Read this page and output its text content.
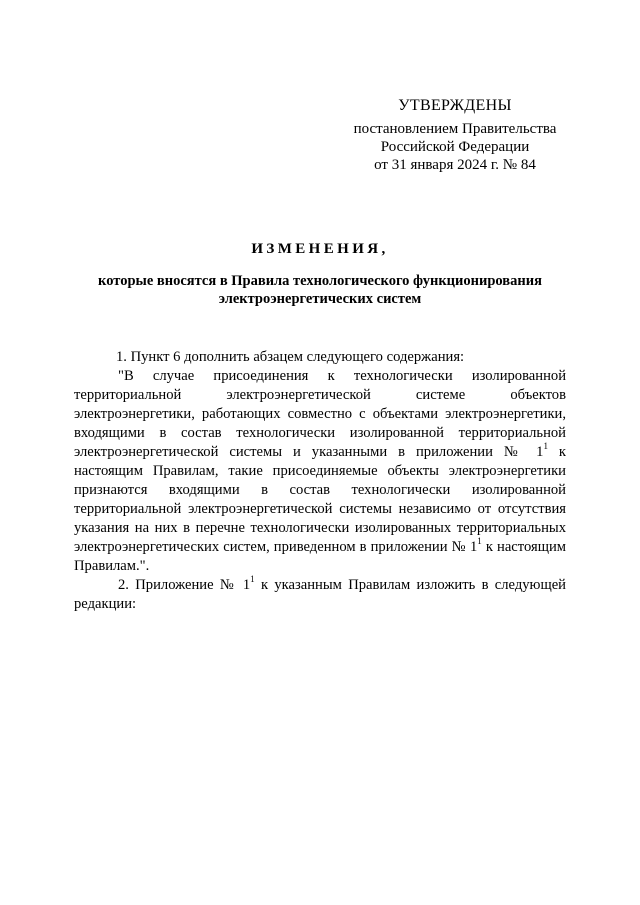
УТВЕРЖДЕНЫ
постановлением Правительства
Российской Федерации
от 31 января 2024 г. № 84
ИЗМЕНЕНИЯ,
которые вносятся в Правила технологического функционирования
электроэнергетических систем

1. Пункт 6 дополнить абзацем следующего содержания:

"В случае присоединения к технологически изолированной территориальной электроэнергетической системе объектов электроэнергетики, работающих совместно с объектами электроэнергетики, входящими в состав технологически изолированной территориальной электроэнергетической системы и указанными в приложении № $1^1$ к настоящим Правилам, такие присоединяемые объекты электроэнергетики признаются входящими в состав технологически изолированной территориальной электроэнергетической системы независимо от отсутствия указания на них в перечне технологически изолированных территориальных электроэнергетических систем, приведенном в приложении № $1^1$ к настоящим Правилам.".

2. Приложение № $1^1$ к указанным Правилам изложить в следующей редакции:
